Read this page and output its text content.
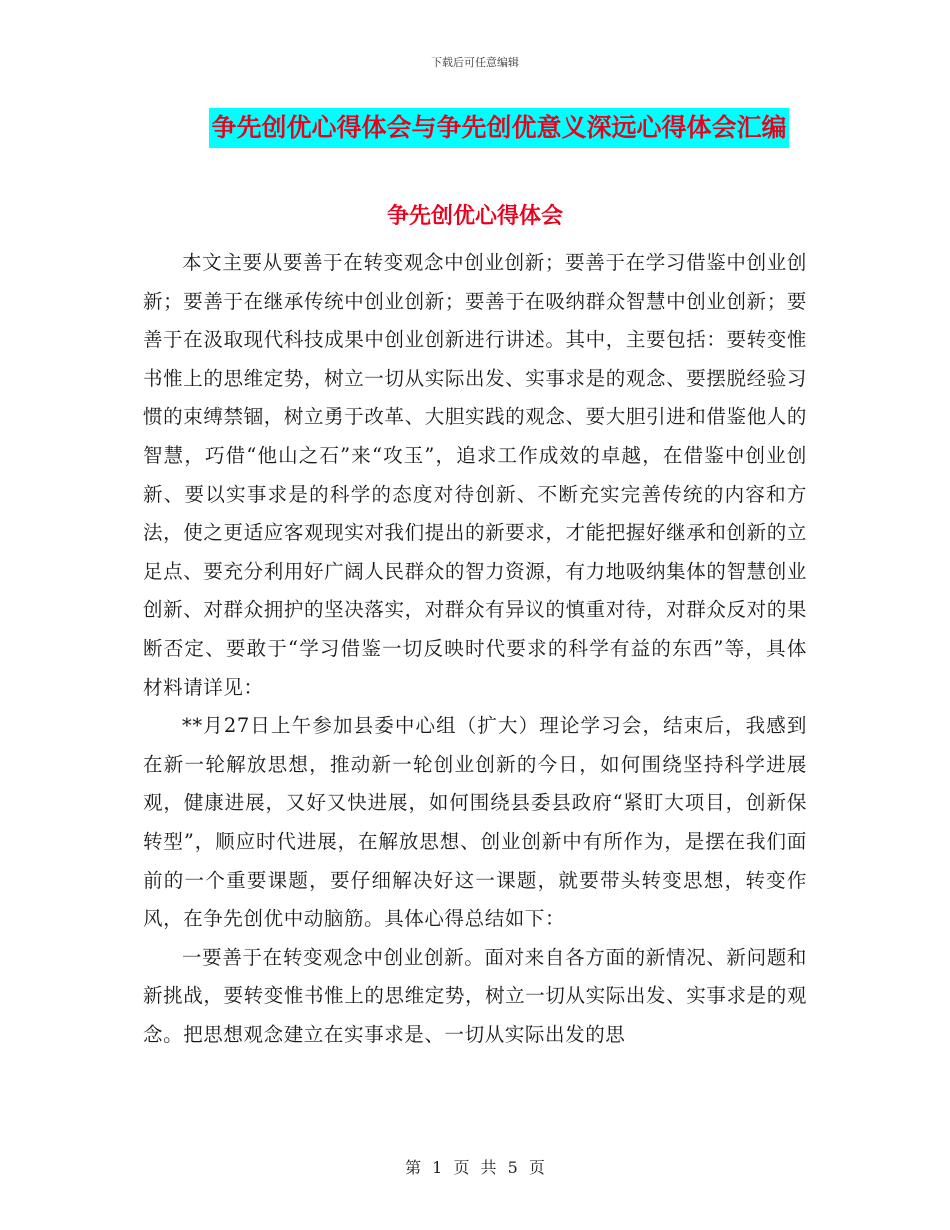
下载后可任意编辑
争先创优心得体会与争先创优意义深远心得体会汇编
争先创优心得体会

本文主要从要善于在转变观念中创业创新；要善于在学习借鉴中创业创新；要善于在继承传统中创业创新；要善于在吸纳群众智慧中创业创新；要善于在汲取现代科技成果中创业创新进行讲述。其中，主要包括：要转变惟书惟上的思维定势，树立一切从实际出发、实事求是的观念、要摆脱经验习惯的束缚禁锢，树立勇于改革、大胆实践的观念、要大胆引进和借鉴他人的智慧，巧借“他山之石”来“攻玉”，追求工作成效的卓越，在借鉴中创业创新、要以实事求是的科学的态度对待创新、不断充实完善传统的内容和方法，使之更适应客观现实对我们提出的新要求，才能把握好继承和创新的立足点、要充分利用好广阔人民群众的智力资源，有力地吸纳集体的智慧创业创新、对群众拥护的坚决落实，对群众有异议的慎重对待，对群众反对的果断否定、要敢于“学习借鉴一切反映时代要求的科学有益的东西”等，具体材料请详见：

**月27日上午参加县委中心组（扩大）理论学习会，结束后，我感到在新一轮解放思想，推动新一轮创业创新的今日，如何围绕坚持科学进展观，健康进展，又好又快进展，如何围绕县委县政府“紧盯大项目，创新保转型”，顺应时代进展，在解放思想、创业创新中有所作为，是摆在我们面前的一个重要课题，要仔细解决好这一课题，就要带头转变思想，转变作风，在争先创优中动脑筋。具体心得总结如下：

一要善于在转变观念中创业创新。面对来自各方面的新情况、新问题和新挑战，要转变惟书惟上的思维定势，树立一切从实际出发、实事求是的观念。把思想观念建立在实事求是、一切从实际出发的思

第 1 页 共 5 页
